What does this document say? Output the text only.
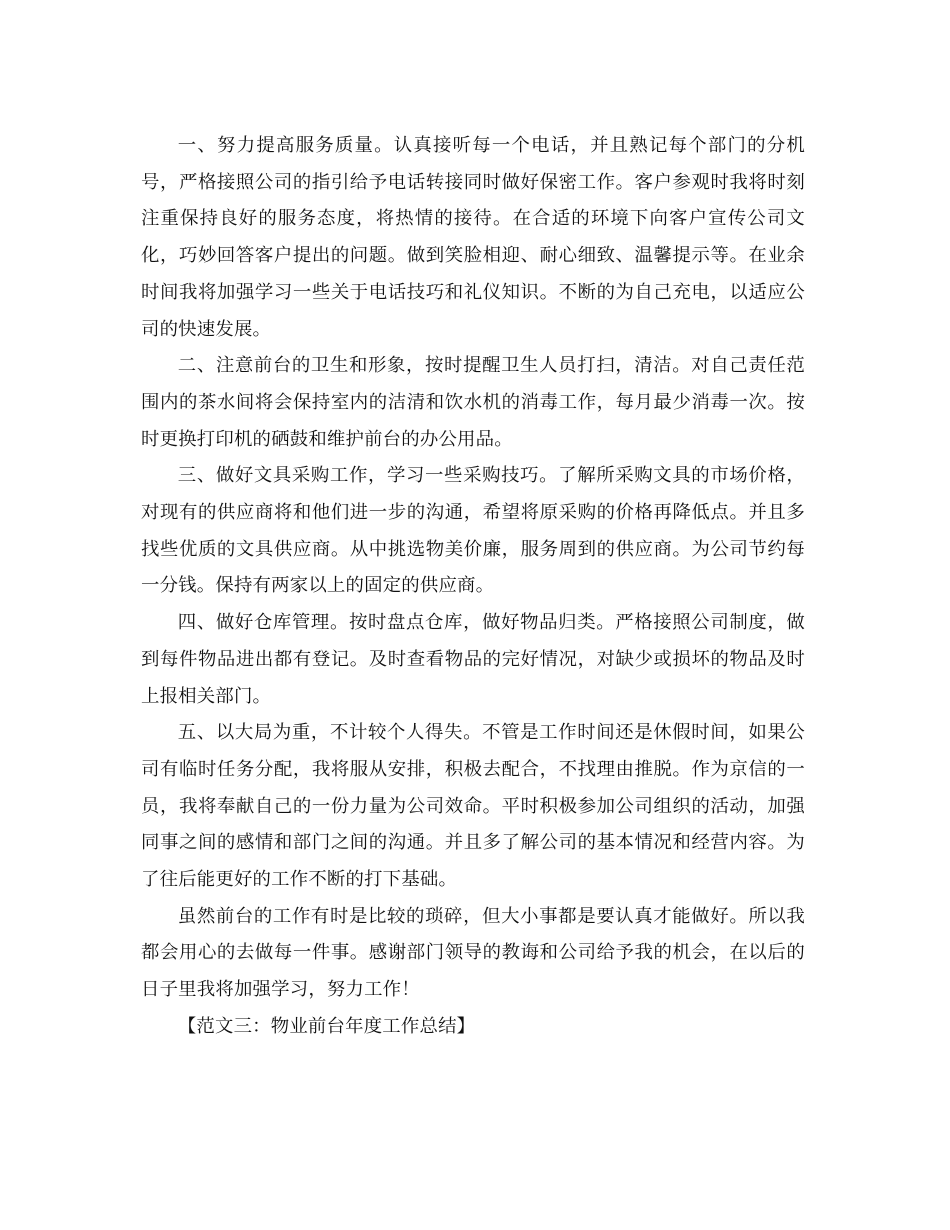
一、努力提高服务质量。认真接听每一个电话，并且熟记每个部门的分机号，严格接照公司的指引给予电话转接同时做好保密工作。客户参观时我将时刻注重保持良好的服务态度，将热情的接待。在合适的环境下向客户宣传公司文化，巧妙回答客户提出的问题。做到笑脸相迎、耐心细致、温馨提示等。在业余时间我将加强学习一些关于电话技巧和礼仪知识。不断的为自己充电，以适应公司的快速发展。

二、注意前台的卫生和形象，按时提醒卫生人员打扫，清洁。对自己责任范围内的茶水间将会保持室内的洁清和饮水机的消毒工作，每月最少消毒一次。按时更换打印机的硒鼓和维护前台的办公用品。

三、做好文具采购工作，学习一些采购技巧。了解所采购文具的市场价格，对现有的供应商将和他们进一步的沟通，希望将原采购的价格再降低点。并且多找些优质的文具供应商。从中挑选物美价廉，服务周到的供应商。为公司节约每一分钱。保持有两家以上的固定的供应商。

四、做好仓库管理。按时盘点仓库，做好物品归类。严格接照公司制度，做到每件物品进出都有登记。及时查看物品的完好情况，对缺少或损坏的物品及时上报相关部门。

五、以大局为重，不计较个人得失。不管是工作时间还是休假时间，如果公司有临时任务分配，我将服从安排，积极去配合，不找理由推脱。作为京信的一员，我将奉献自己的一份力量为公司效命。平时积极参加公司组织的活动，加强同事之间的感情和部门之间的沟通。并且多了解公司的基本情况和经营内容。为了往后能更好的工作不断的打下基础。

虽然前台的工作有时是比较的琐碎，但大小事都是要认真才能做好。所以我都会用心的去做每一件事。感谢部门领导的教诲和公司给予我的机会，在以后的日子里我将加强学习，努力工作！

【范文三：物业前台年度工作总结】
